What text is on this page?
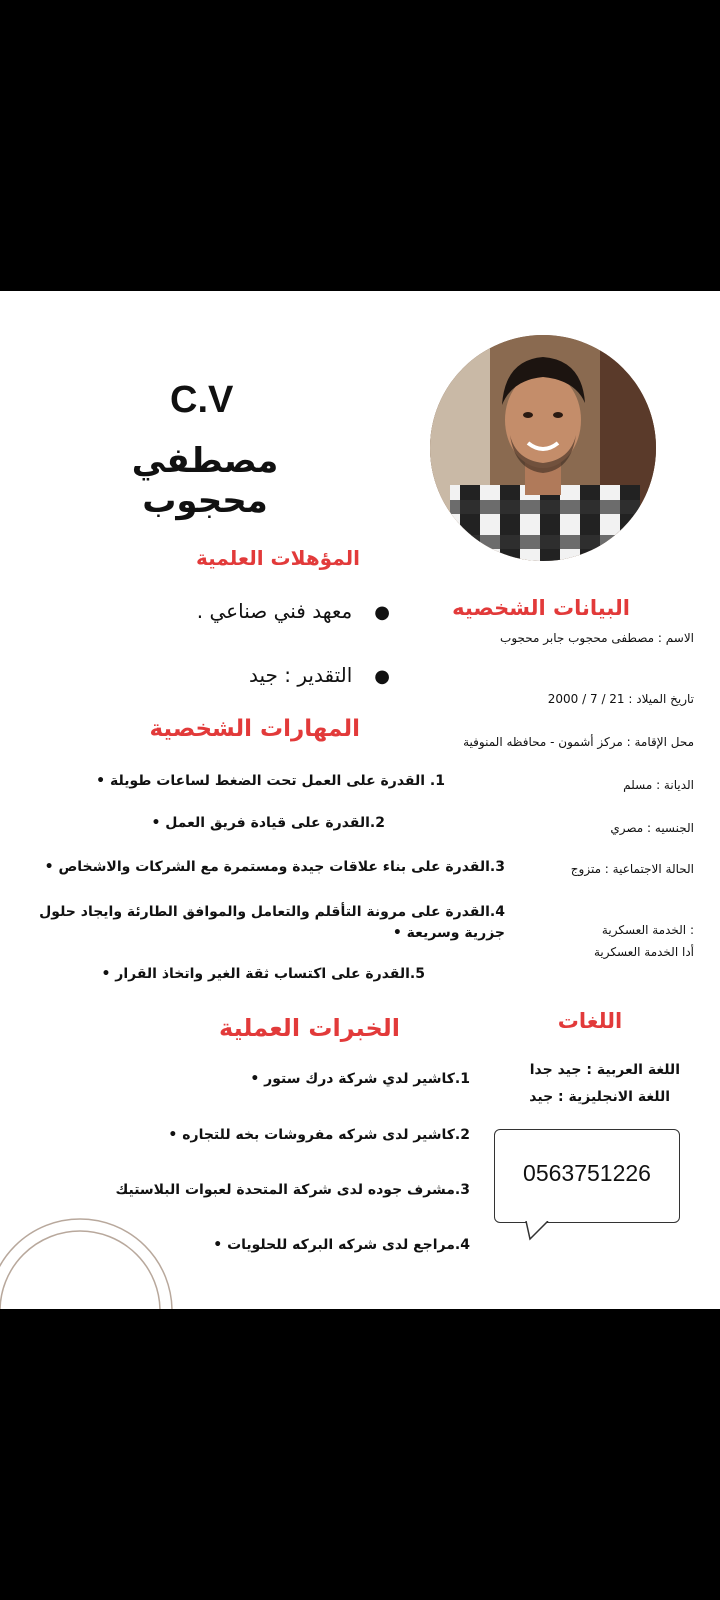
C.V
مصطفي محجوب
المؤهلات العلمية
●معهد فني صناعي .
●التقدير : جيد
البيانات الشخصيه
الاسم : مصطفى محجوب جابر محجوب
تاريخ الميلاد : 21 / 7 / 2000
محل الإقامة : مركز أشمون - محافظه المنوفية
الديانة : مسلم
الجنسيه : مصري
الحالة الاجتماعية : متزوج
: الخدمة العسكرية
أدا الخدمة العسكرية
المهارات الشخصية
1. القدرة على العمل تحت الضغط لساعات طويلة •
2.القدرة على قيادة فريق العمل •
3.القدرة على بناء علاقات جيدة ومستمرة مع الشركات والاشخاص •
4.القدرة على مرونة التأقلم والتعامل والموافق الطارئة وايجاد حلول جزرية وسريعة •
5.القدرة على اكتساب ثقة الغير واتخاذ القرار •
الخبرات العملية
1.كاشير لدي شركة درك ستور •
2.كاشير لدى شركه مفروشات بخه للتجاره •
3.مشرف جوده لدى شركة المتحدة لعبوات البلاستيك
4.مراجع لدى شركه البركه للحلويات •
اللغات
اللغة العربية : جيد جدا
اللغة الانجليزية : جيد
0563751226
